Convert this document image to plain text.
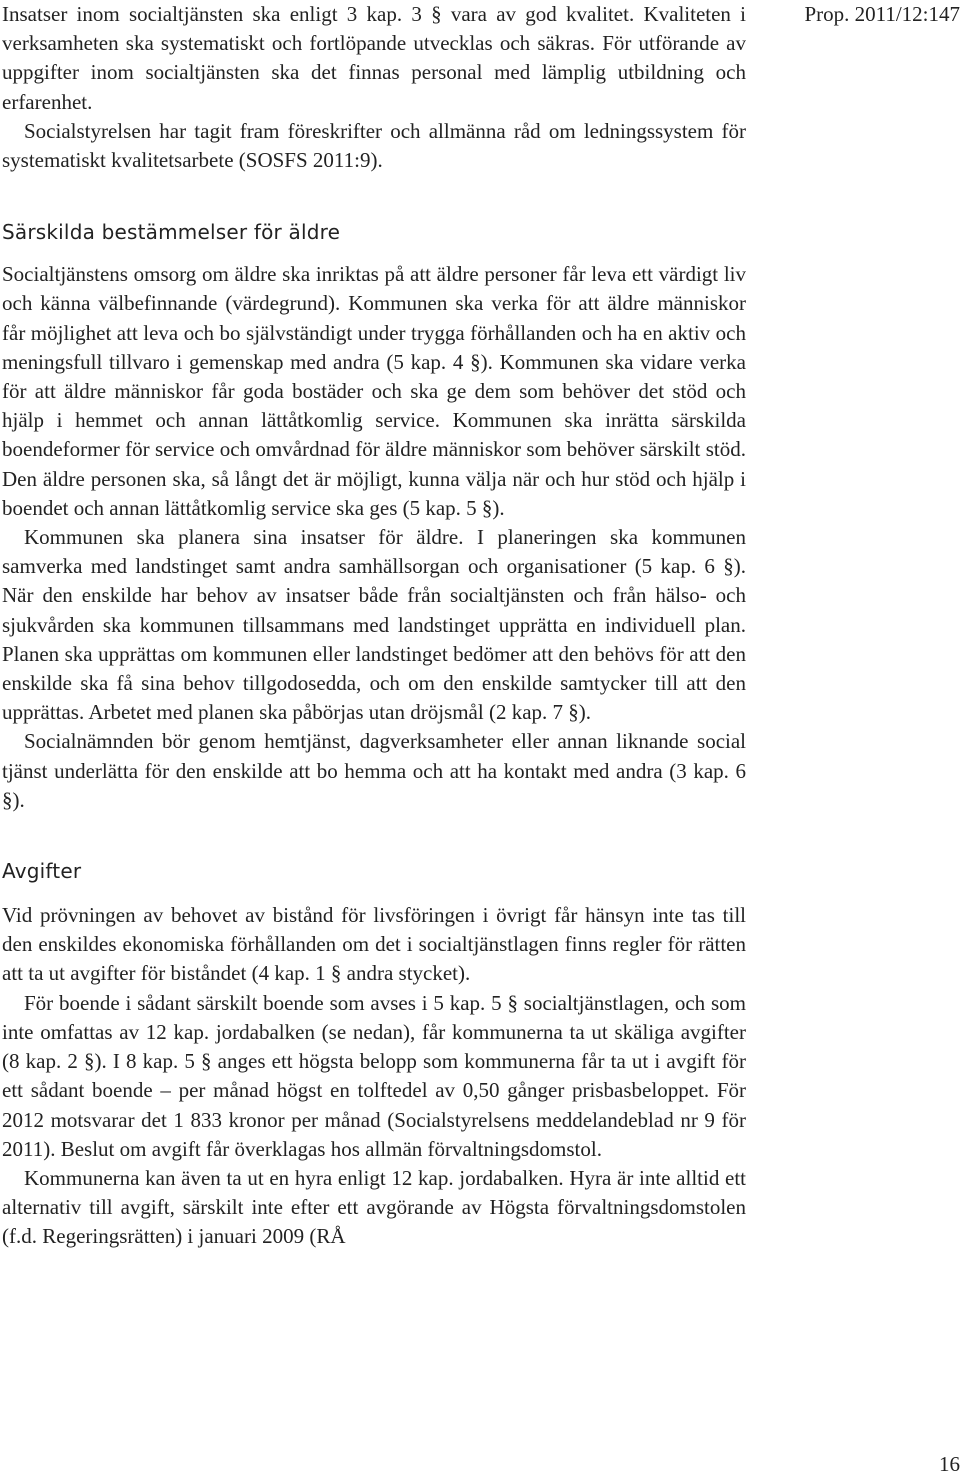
Prop. 2011/12:147

Insatser inom socialtjänsten ska enligt 3 kap. 3 § vara av god kvalitet. Kvaliteten i verksamheten ska systematiskt och fortlöpande utvecklas och säkras. För utförande av uppgifter inom socialtjänsten ska det finnas personal med lämplig utbildning och erfarenhet.

Socialstyrelsen har tagit fram föreskrifter och allmänna råd om ledningssystem för systematiskt kvalitetsarbete (SOSFS 2011:9).

Särskilda bestämmelser för äldre

Socialtjänstens omsorg om äldre ska inriktas på att äldre personer får leva ett värdigt liv och känna välbefinnande (värdegrund). Kommunen ska verka för att äldre människor får möjlighet att leva och bo självständigt under trygga förhållanden och ha en aktiv och meningsfull tillvaro i gemenskap med andra (5 kap. 4 §). Kommunen ska vidare verka för att äldre människor får goda bostäder och ska ge dem som behöver det stöd och hjälp i hemmet och annan lättåtkomlig service. Kommunen ska inrätta särskilda boendeformer för service och omvårdnad för äldre människor som behöver särskilt stöd. Den äldre personen ska, så långt det är möjligt, kunna välja när och hur stöd och hjälp i boendet och annan lättåtkomlig service ska ges (5 kap. 5 §).

Kommunen ska planera sina insatser för äldre. I planeringen ska kommunen samverka med landstinget samt andra samhällsorgan och organisationer (5 kap. 6 §). När den enskilde har behov av insatser både från socialtjänsten och från hälso- och sjukvården ska kommunen tillsammans med landstinget upprätta en individuell plan. Planen ska upprättas om kommunen eller landstinget bedömer att den behövs för att den enskilde ska få sina behov tillgodosedda, och om den enskilde samtycker till att den upprättas. Arbetet med planen ska påbörjas utan dröjsmål (2 kap. 7 §).

Socialnämnden bör genom hemtjänst, dagverksamheter eller annan liknande social tjänst underlätta för den enskilde att bo hemma och att ha kontakt med andra (3 kap. 6 §).

Avgifter

Vid prövningen av behovet av bistånd för livsföringen i övrigt får hänsyn inte tas till den enskildes ekonomiska förhållanden om det i socialtjänstlagen finns regler för rätten att ta ut avgifter för biståndet (4 kap. 1 § andra stycket).

För boende i sådant särskilt boende som avses i 5 kap. 5 § socialtjänstlagen, och som inte omfattas av 12 kap. jordabalken (se nedan), får kommunerna ta ut skäliga avgifter (8 kap. 2 §). I 8 kap. 5 § anges ett högsta belopp som kommunerna får ta ut i avgift för ett sådant boende – per månad högst en tolftedel av 0,50 gånger prisbasbeloppet. För 2012 motsvarar det 1 833 kronor per månad (Socialstyrelsens meddelandeblad nr 9 för 2011). Beslut om avgift får överklagas hos allmän förvaltningsdomstol.

Kommunerna kan även ta ut en hyra enligt 12 kap. jordabalken. Hyra är inte alltid ett alternativ till avgift, särskilt inte efter ett avgörande av Högsta förvaltningsdomstolen (f.d. Regeringsrätten) i januari 2009 (RÅ

16
